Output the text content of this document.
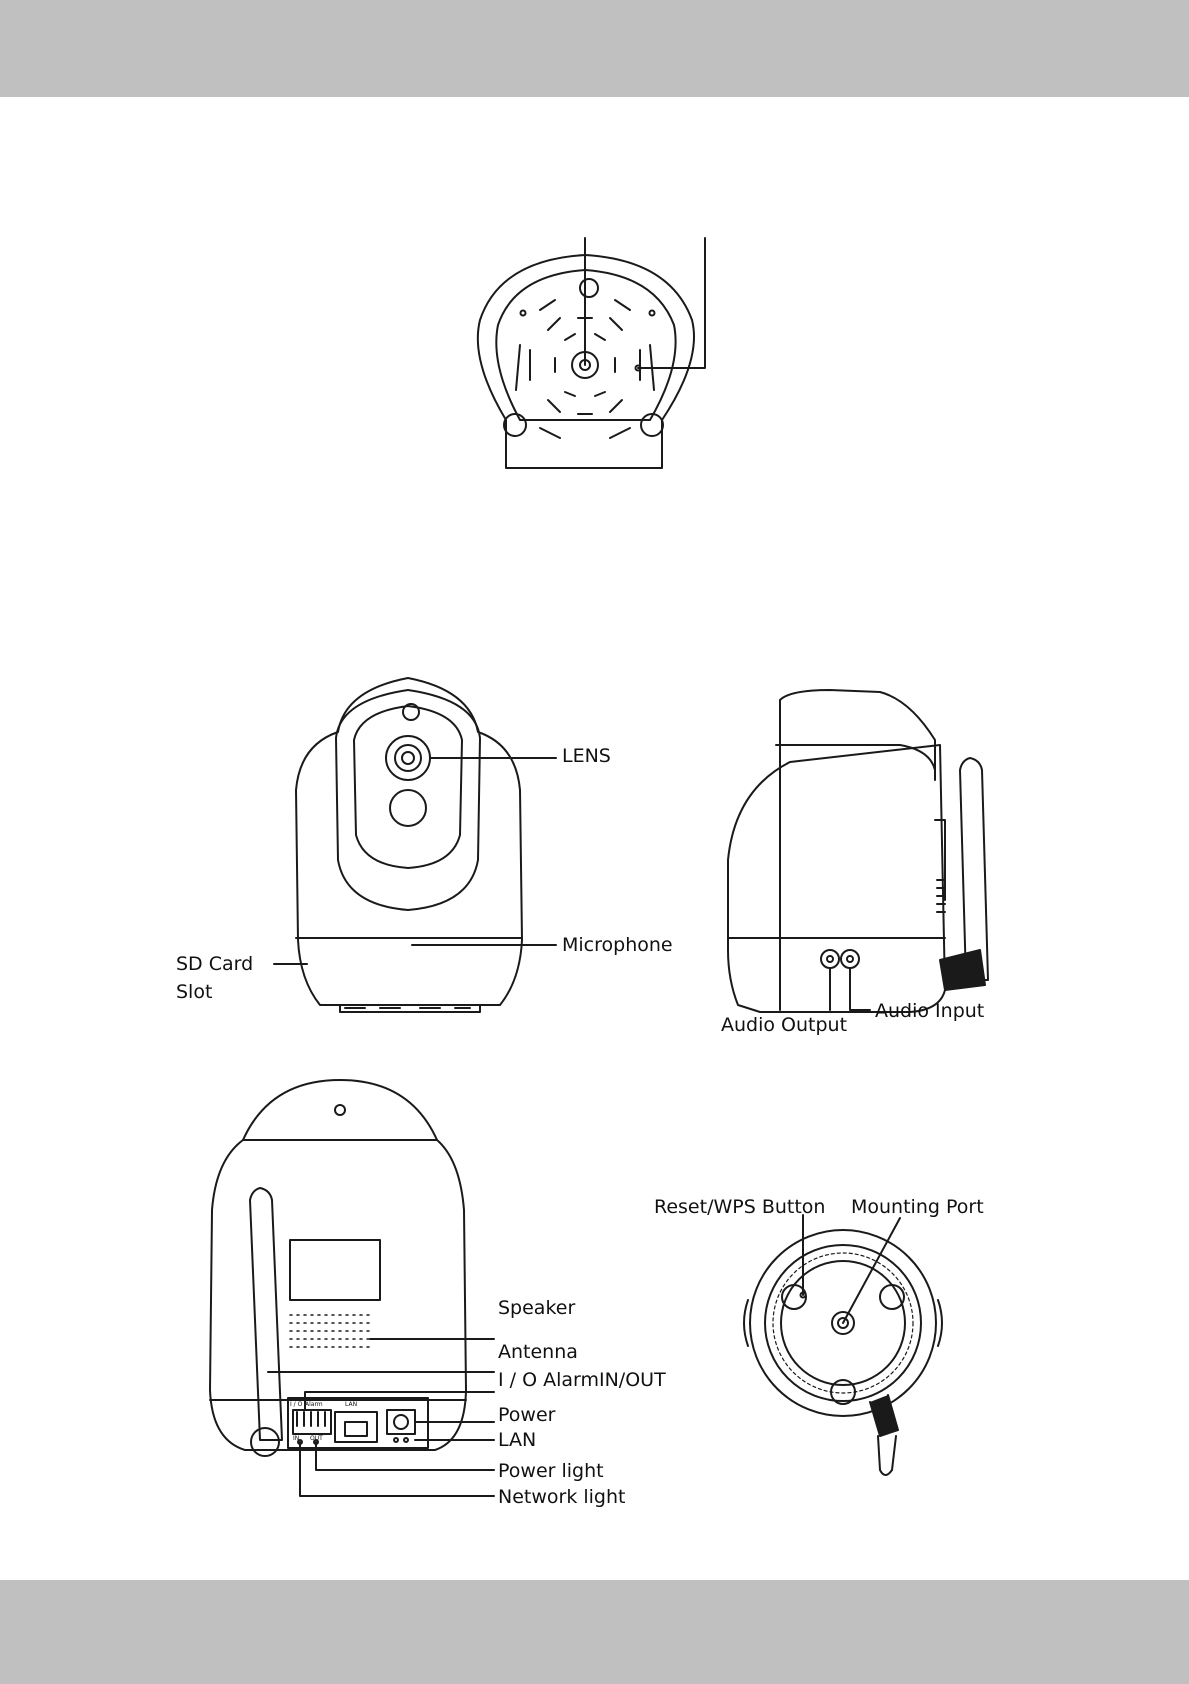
LENS
Microphone
SD Card
Slot
Audio Output
Audio Input
Speaker
Antenna
I / O AlarmIN/OUT
Power
LAN
Power light
Network light
Reset/WPS Button Mounting Port
I / O Alarm	LAN
IN OUT
